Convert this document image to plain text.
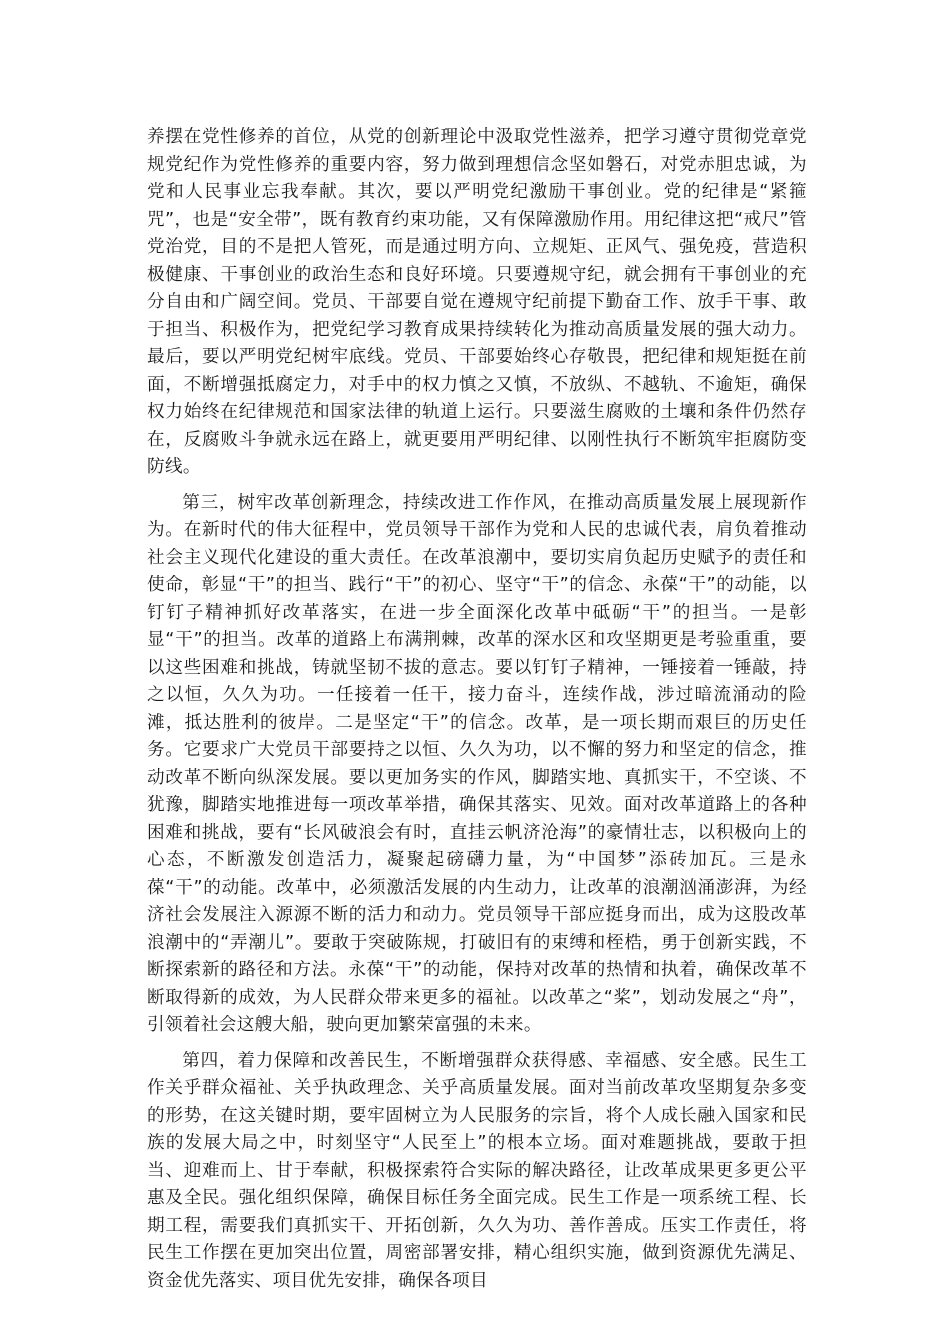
养摆在党性修养的首位，从党的创新理论中汲取党性滋养，把学习遵守贯彻党章党规党纪作为党性修养的重要内容，努力做到理想信念坚如磐石，对党赤胆忠诚，为党和人民事业忘我奉献。其次，要以严明党纪激励干事创业。党的纪律是“紧箍咒”，也是“安全带”，既有教育约束功能，又有保障激励作用。用纪律这把“戒尺”管党治党，目的不是把人管死，而是通过明方向、立规矩、正风气、强免疫，营造积极健康、干事创业的政治生态和良好环境。只要遵规守纪，就会拥有干事创业的充分自由和广阔空间。党员、干部要自觉在遵规守纪前提下勤奋工作、放手干事、敢于担当、积极作为，把党纪学习教育成果持续转化为推动高质量发展的强大动力。最后，要以严明党纪树牢底线。党员、干部要始终心存敬畏，把纪律和规矩挺在前面，不断增强抵腐定力，对手中的权力慎之又慎，不放纵、不越轨、不逾矩，确保权力始终在纪律规范和国家法律的轨道上运行。只要滋生腐败的土壤和条件仍然存在，反腐败斗争就永远在路上，就更要用严明纪律、以刚性执行不断筑牢拒腐防变防线。

第三，树牢改革创新理念，持续改进工作作风，在推动高质量发展上展现新作为。在新时代的伟大征程中，党员领导干部作为党和人民的忠诚代表，肩负着推动社会主义现代化建设的重大责任。在改革浪潮中，要切实肩负起历史赋予的责任和使命，彰显“干”的担当、践行“干”的初心、坚守“干”的信念、永葆“干”的动能，以钉钉子精神抓好改革落实，在进一步全面深化改革中砥砺“干”的担当。一是彰显“干”的担当。改革的道路上布满荆棘，改革的深水区和攻坚期更是考验重重，要以这些困难和挑战，铸就坚韧不拔的意志。要以钉钉子精神，一锤接着一锤敲，持之以恒，久久为功。一任接着一任干，接力奋斗，连续作战，涉过暗流涌动的险滩，抵达胜利的彼岸。二是坚定“干”的信念。改革，是一项长期而艰巨的历史任务。它要求广大党员干部要持之以恒、久久为功，以不懈的努力和坚定的信念，推动改革不断向纵深发展。要以更加务实的作风，脚踏实地、真抓实干，不空谈、不犹豫，脚踏实地推进每一项改革举措，确保其落实、见效。面对改革道路上的各种困难和挑战，要有“长风破浪会有时，直挂云帆济沧海”的豪情壮志，以积极向上的心态，不断激发创造活力，凝聚起磅礴力量，为“中国梦”添砖加瓦。三是永葆“干”的动能。改革中，必须激活发展的内生动力，让改革的浪潮汹涌澎湃，为经济社会发展注入源源不断的活力和动力。党员领导干部应挺身而出，成为这股改革浪潮中的“弄潮儿”。要敢于突破陈规，打破旧有的束缚和桎梏，勇于创新实践，不断探索新的路径和方法。永葆“干”的动能，保持对改革的热情和执着，确保改革不断取得新的成效，为人民群众带来更多的福祉。以改革之“桨”，划动发展之“舟”，引领着社会这艘大船，驶向更加繁荣富强的未来。

第四，着力保障和改善民生，不断增强群众获得感、幸福感、安全感。民生工作关乎群众福祉、关乎执政理念、关乎高质量发展。面对当前改革攻坚期复杂多变的形势，在这关键时期，要牢固树立为人民服务的宗旨，将个人成长融入国家和民族的发展大局之中，时刻坚守“人民至上”的根本立场。面对难题挑战，要敢于担当、迎难而上、甘于奉献，积极探索符合实际的解决路径，让改革成果更多更公平惠及全民。强化组织保障，确保目标任务全面完成。民生工作是一项系统工程、长期工程，需要我们真抓实干、开拓创新，久久为功、善作善成。压实工作责任，将民生工作摆在更加突出位置，周密部署安排，精心组织实施，做到资源优先满足、资金优先落实、项目优先安排，确保各项目
